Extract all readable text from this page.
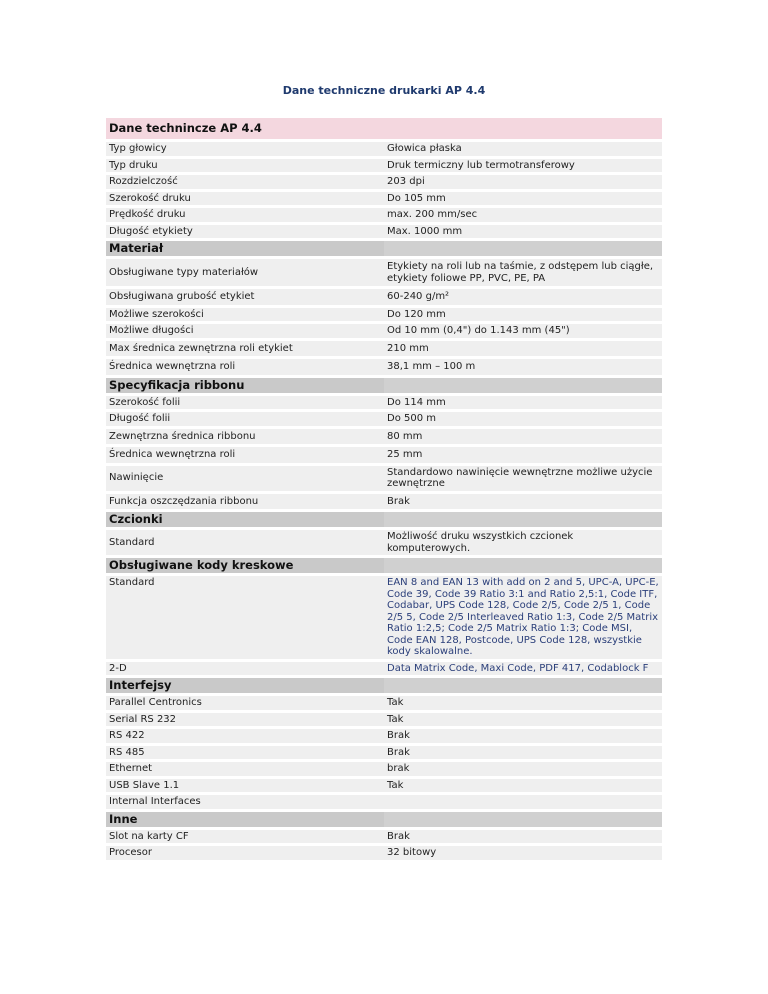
Dane techniczne drukarki AP 4.4
Dane technincze AP 4.4	
Typ głowicy	Głowica płaska
Typ druku	Druk termiczny lub termotransferowy
Rozdzielczość	203 dpi
Szerokość druku	Do 105 mm
Prędkość druku	max. 200 mm/sec
Długość etykiety	Max. 1000 mm
Materiał	
Obsługiwane typy materiałów	Etykiety na roli lub na taśmie, z odstępem lub ciągłe, etykiety foliowe PP, PVC, PE, PA
Obsługiwana grubość etykiet	60-240 g/m²
Możliwe szerokości	Do 120 mm
Możliwe długości	Od 10 mm (0,4") do 1.143 mm (45")
Max średnica zewnętrzna roli etykiet	210 mm
Średnica wewnętrzna roli	38,1 mm – 100 m
Specyfikacja ribbonu	
Szerokość folii	Do 114 mm
Długość folii	Do 500 m
Zewnętrzna średnica ribbonu	80 mm
Średnica wewnętrzna roli	25 mm
Nawinięcie	Standardowo nawinięcie wewnętrzne możliwe użycie zewnętrzne
Funkcja oszczędzania ribbonu	Brak
Czcionki	
Standard	Możliwość druku wszystkich czcionek komputerowych.
Obsługiwane kody kreskowe	
Standard	EAN 8 and EAN 13 with add on 2 and 5, UPC-A, UPC-E, Code 39, Code 39 Ratio 3:1 and Ratio 2,5:1, Code ITF, Codabar, UPS Code 128, Code 2/5, Code 2/5 1, Code 2/5 5, Code 2/5 Interleaved Ratio 1:3, Code 2/5 Matrix Ratio 1:2,5; Code 2/5 Matrix Ratio 1:3; Code MSI, Code EAN 128, Postcode, UPS Code 128, wszystkie kody skalowalne.
2-D	Data Matrix Code, Maxi Code, PDF 417, Codablock F
Interfejsy	
Parallel Centronics	Tak
Serial RS 232	Tak
RS 422	Brak
RS 485	Brak
Ethernet	brak
USB Slave 1.1	Tak
Internal Interfaces	
Inne	
Slot na karty CF	Brak
Procesor	32 bitowy
